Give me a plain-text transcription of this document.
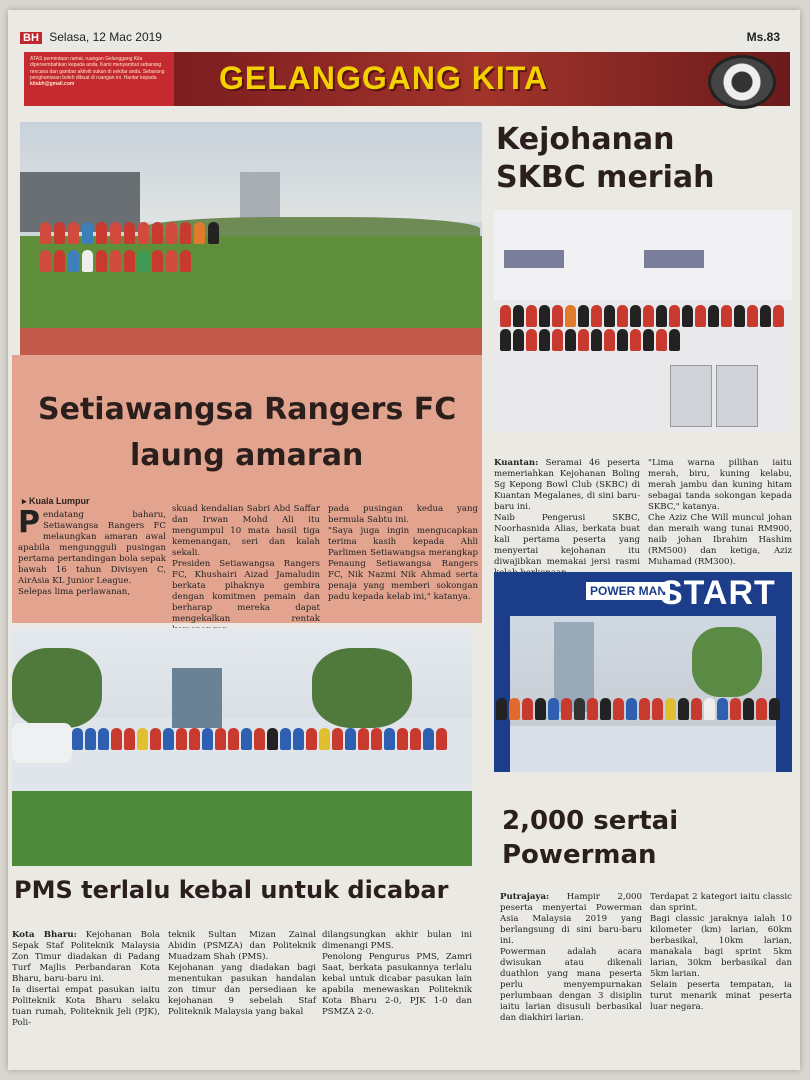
BH Selasa, 12 Mac 2019	Ms.83
ATAS permintaan ramai, ruangan Gelanggang Kita dipersembahkan kepada anda. Kami menyambut sebarang rencana dan gambar aktiviti sukan di sekitar anda. Sebarang penghantaran boleh dibuat di ruangan ini. Hantar kepada kitabh@gmail.com	GELANGGANG KITA
Setiawangsa Rangers FC
laung amaran
▸ Kuala Lumpur
Pendatang baharu, Setiawangsa Rangers FC melaungkan amaran awal apabila mengungguli pusingan pertama pertandingan bola sepak bawah 16 tahun Divisyen C, AirAsia KL Junior League.
Selepas lima perlawanan,
skuad kendalian Sabri Abd Saffar dan Irwan Mohd Ali itu mengumpul 10 mata hasil tiga kemenangan, seri dan kalah sekali.
Presiden Setiawangsa Rangers FC, Khushairi Aizad Jamaludin berkata pihaknya gembira dengan komitmen pemain dan berharap mereka dapat mengekalkan rentak
pada pusingan kedua yang bermula Sabtu ini.
"Saya juga ingin mengucapkan terima kasih kepada Ahli Parlimen Setiawangsa merangkap Penaung Setiawangsa Rangers FC, Nik Nazmi Nik Ahmad serta penaja yang memberi sokongan padu kepada kelab ini," katanya.
Kejohanan
SKBC meriah
Kuantan: Seramai 46 peserta memeriahkan Kejohanan Boling Sg Kepong Bowl Club (SKBC) di Kuantan Megalanes, di sini baru-baru ini.
Naib Pengerusi SKBC, Noorhasnida Alias, berkata buat kali pertama peserta yang menyertai kejohanan itu diwajibkan memakai jersi rasmi
"Lima warna pilihan iaitu merah, biru, kuning kelabu, merah jambu dan kuning hitam sebagai tanda sokongan kepada SKBC," katanya.
Che Aziz Che Will muncul johan dan meraih wang tunai RM900, naib johan Ibrahim Hashim (RM500) dan ketiga, Aziz Muhamad (RM300).
PMS terlalu kebal untuk dicabar
Kota Bharu: Kejohanan Bola Sepak Staf Politeknik Malaysia Zon Timur diadakan di Padang Turf Majlis Perbandaran Kota Bharu, baru-baru ini.
Ia disertai empat pasukan iaitu Politeknik Kota Bharu selaku tuan rumah, Politeknik Jeli (PJK), Poli-
teknik Sultan Mizan Zainal Abidin (PSMZA) dan Politeknik Muadzam Shah (PMS).
Kejohanan yang diadakan bagi menentukan pasukan handalan zon timur dan persediaan ke kejohanan 9 sebelah Staf Politeknik Malaysia yang bakal
dilangsungkan akhir bulan ini dimenangi PMS.
Penolong Pengurus PMS, Zamri Saat, berkata pasukannya terlalu kebal untuk dicabar pasukan lain apabila menewaskan Politeknik Kota Bharu 2-0, PJK 1-0 dan PSMZA 2-0.
POWER MAN
START
2,000 sertai
Powerman
Putrajaya: Hampir 2,000 peserta menyertai Powerman Asia Malaysia 2019 yang berlangsung di sini baru-baru ini.
Powerman adalah acara dwisukan atau dikenali duathlon yang mana peserta perlu menyempurnakan perlumbaan dengan 3 disiplin iaitu larian disusuli berbasikal dan diakhiri larian.
Terdapat 2 kategori iaitu classic dan sprint.
Bagi classic jaraknya ialah 10 kilometer (km) larian, 60km berbasikal, 10km larian, manakala bagi sprint 5km larian, 30km berbasikal dan 5km larian.
Selain peserta tempatan, ia turut menarik minat peserta luar negara.
